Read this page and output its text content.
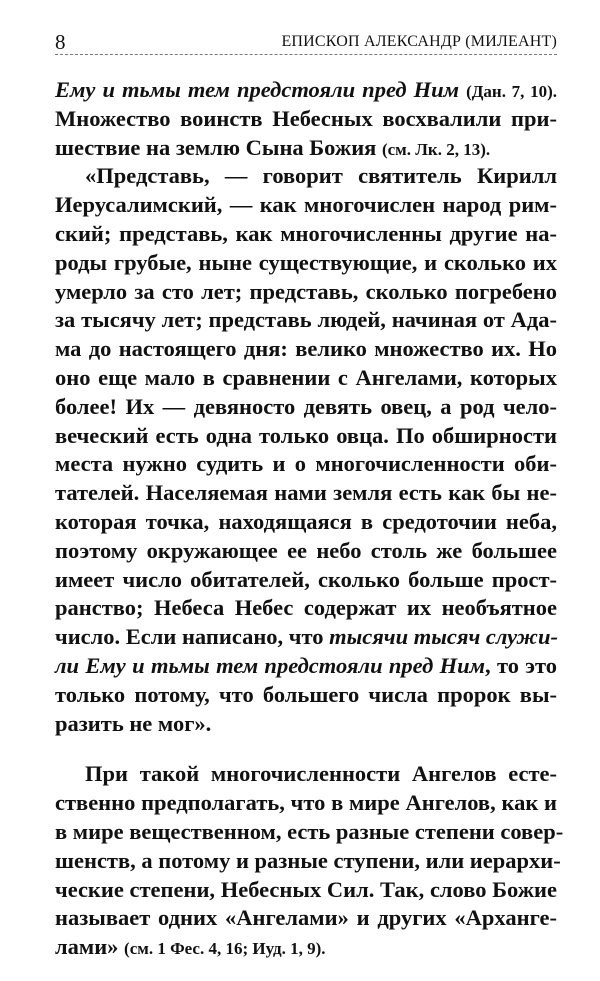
8	ЕПИСКОП АЛЕКСАНДР (МИЛЕАНТ)
Ему и тьмы тем предстояли пред Ним (Дан. 7, 10).
Множество воинств Небесных восхвалили при-
шествие на землю Сына Божия (см. Лк. 2, 13).
«Представь, — говорит святитель Кирилл
Иерусалимский, — как многочислен народ рим-
ский; представь, как многочисленны другие на-
роды грубые, ныне существующие, и сколько их
умерло за сто лет; представь, сколько погребено
за тысячу лет; представь людей, начиная от Ада-
ма до настоящего дня: велико множество их. Но
оно еще мало в сравнении с Ангелами, которых
более! Их — девяносто девять овец, а род чело-
веческий есть одна только овца. По обширности
места нужно судить и о многочисленности оби-
тателей. Населяемая нами земля есть как бы не-
которая точка, находящаяся в средоточии неба,
поэтому окружающее ее небо столь же большее
имеет число обитателей, сколько больше прост-
ранство; Небеса Небес содержат их необъятное
число. Если написано, что тысячи тысяч служи-
ли Ему и тьмы тем предстояли пред Ним, то это
только потому, что большего числа пророк вы-
разить не мог».
При такой многочисленности Ангелов есте-
ственно предполагать, что в мире Ангелов, как и
в мире вещественном, есть разные степени совер-
шенств, а потому и разные ступени, или иерархи-
ческие степени, Небесных Сил. Так, слово Божие
называет одних «Ангелами» и других «Арханге-
лами» (см. 1 Фес. 4, 16; Иуд. 1, 9).
